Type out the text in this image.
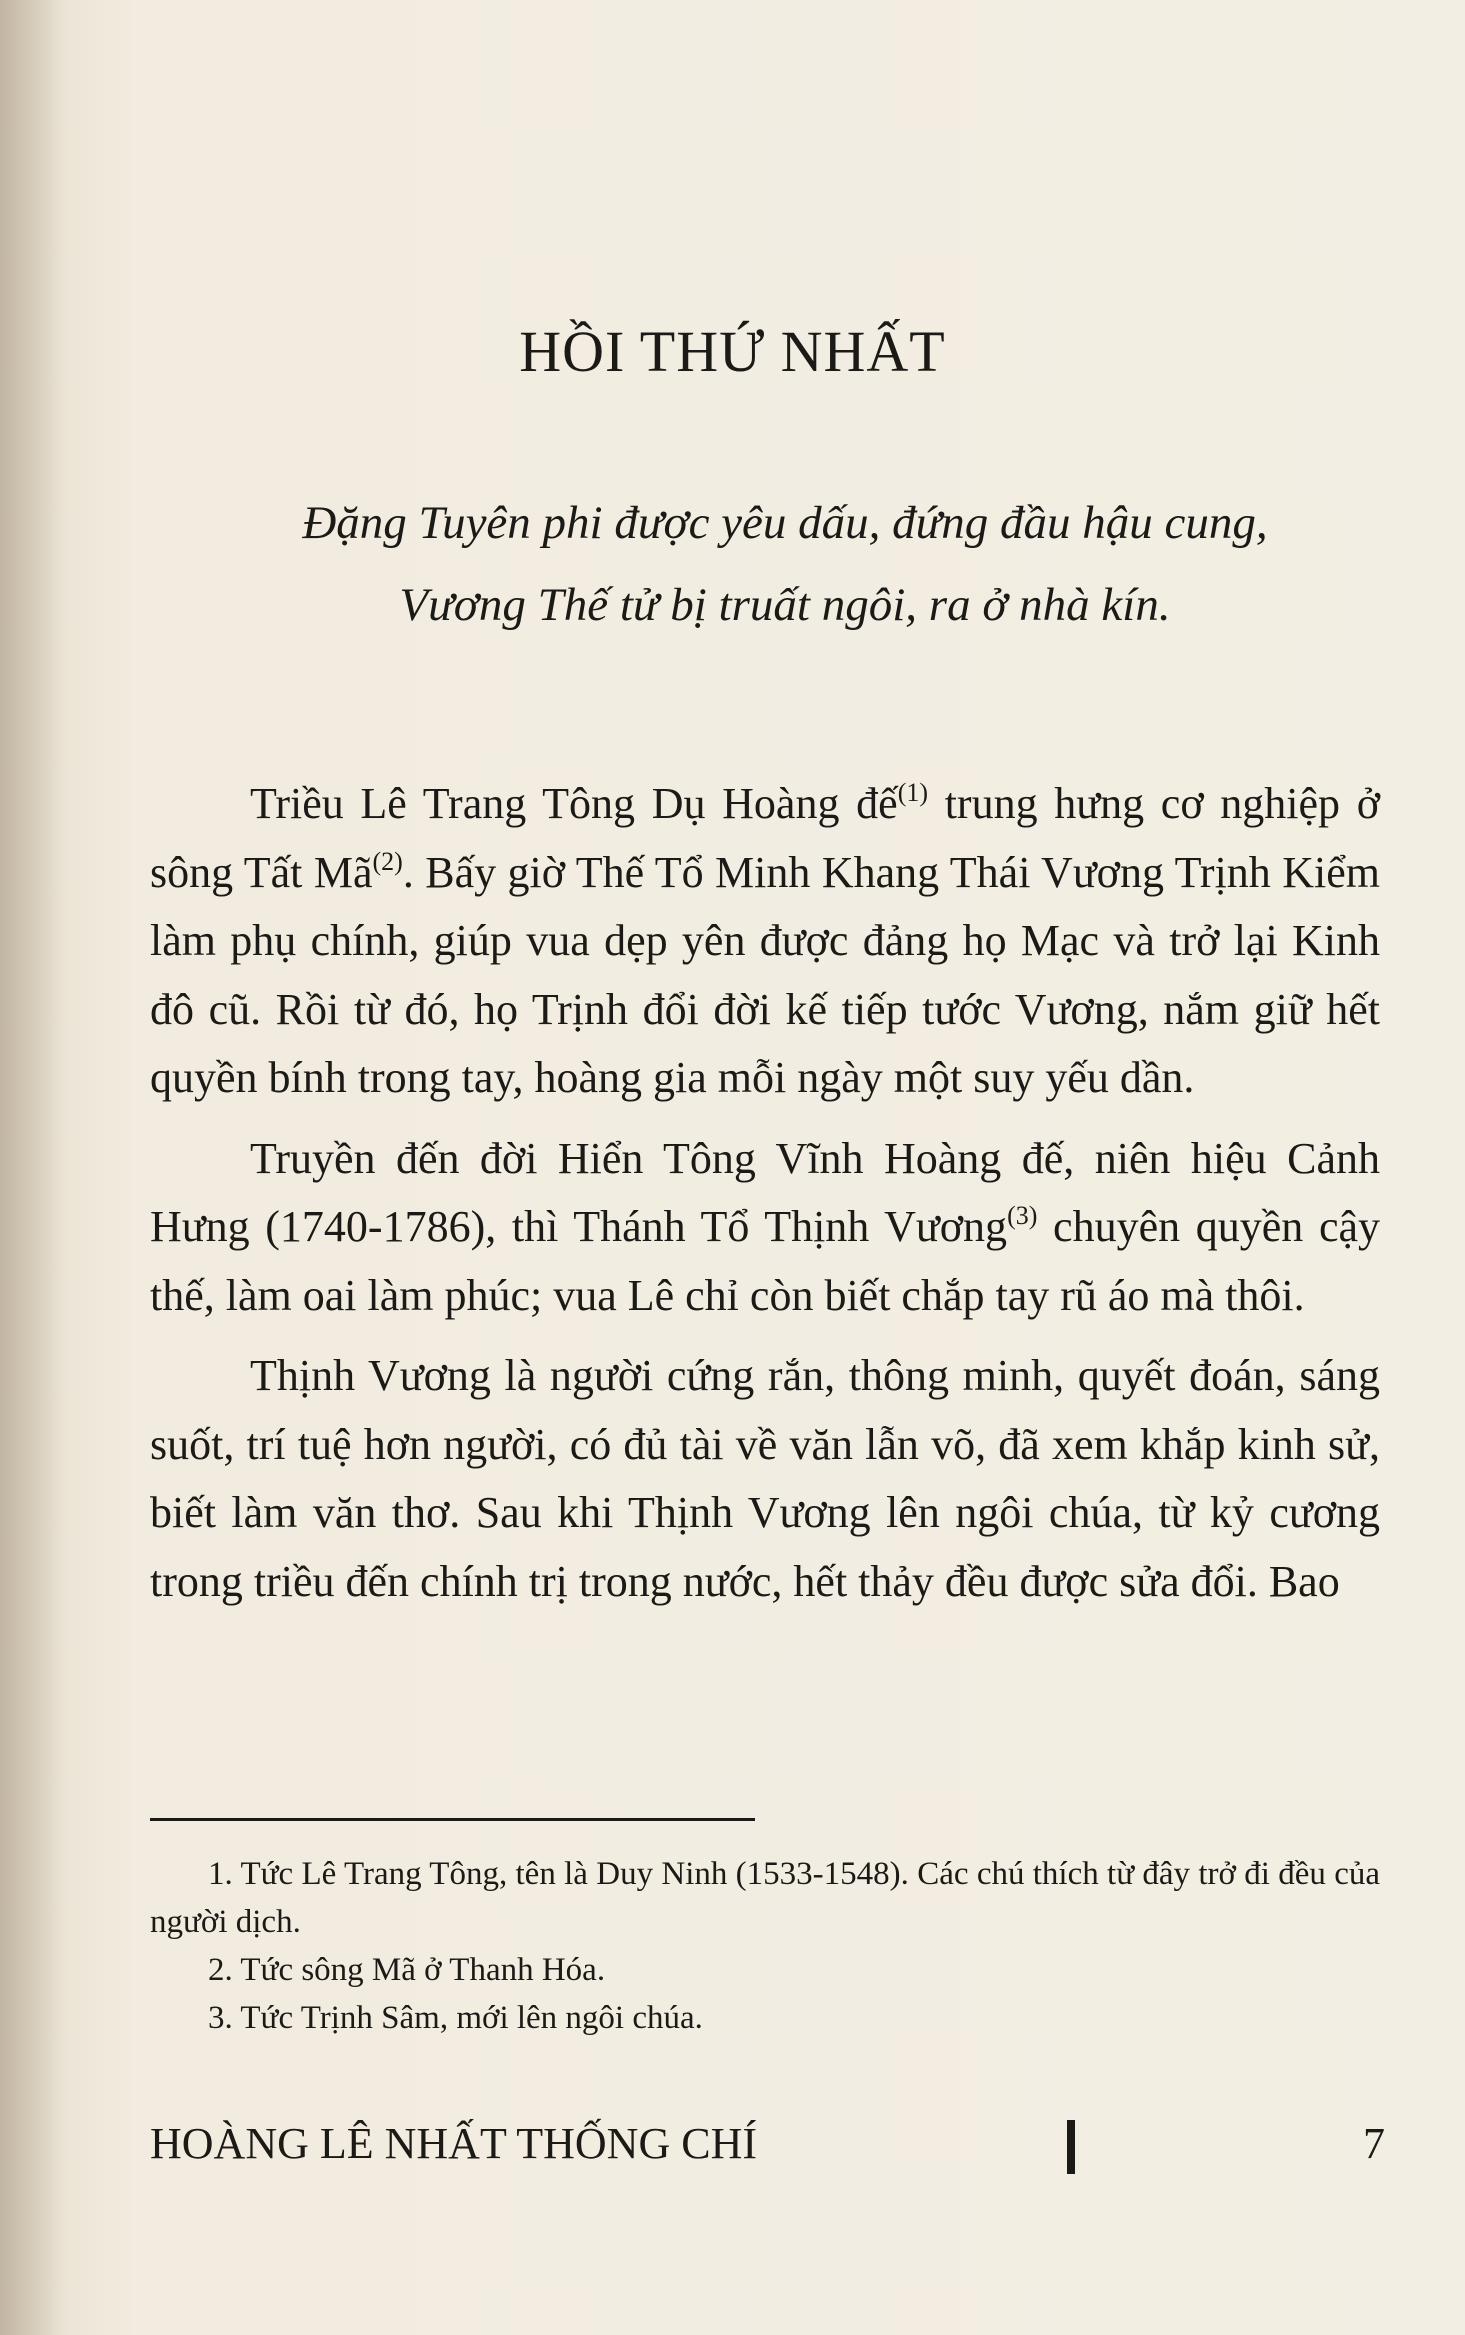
HỒI THỨ NHẤT
Đặng Tuyên phi được yêu dấu, đứng đầu hậu cung,
Vương Thế tử bị truất ngôi, ra ở nhà kín.

Triều Lê Trang Tông Dụ Hoàng đế$^{(1)}$ trung hưng cơ nghiệp ở sông Tất Mã$^{(2)}$. Bấy giờ Thế Tổ Minh Khang Thái Vương Trịnh Kiểm làm phụ chính, giúp vua dẹp yên được đảng họ Mạc và trở lại Kinh đô cũ. Rồi từ đó, họ Trịnh đổi đời kế tiếp tước Vương, nắm giữ hết quyền bính trong tay, hoàng gia mỗi ngày một suy yếu dần.

Truyền đến đời Hiển Tông Vĩnh Hoàng đế, niên hiệu Cảnh Hưng (1740-1786), thì Thánh Tổ Thịnh Vương$^{(3)}$ chuyên quyền cậy thế, làm oai làm phúc; vua Lê chỉ còn biết chắp tay rũ áo mà thôi.

Thịnh Vương là người cứng rắn, thông minh, quyết đoán, sáng suốt, trí tuệ hơn người, có đủ tài về văn lẫn võ, đã xem khắp kinh sử, biết làm văn thơ. Sau khi Thịnh Vương lên ngôi chúa, từ kỷ cương trong triều đến chính trị trong nước, hết thảy đều được sửa đổi. Bao

1. Tức Lê Trang Tông, tên là Duy Ninh (1533-1548). Các chú thích từ đây trở đi đều của người dịch.

2. Tức sông Mã ở Thanh Hóa.

3. Tức Trịnh Sâm, mới lên ngôi chúa.

HOÀNG LÊ NHẤT THỐNG CHÍ	7
